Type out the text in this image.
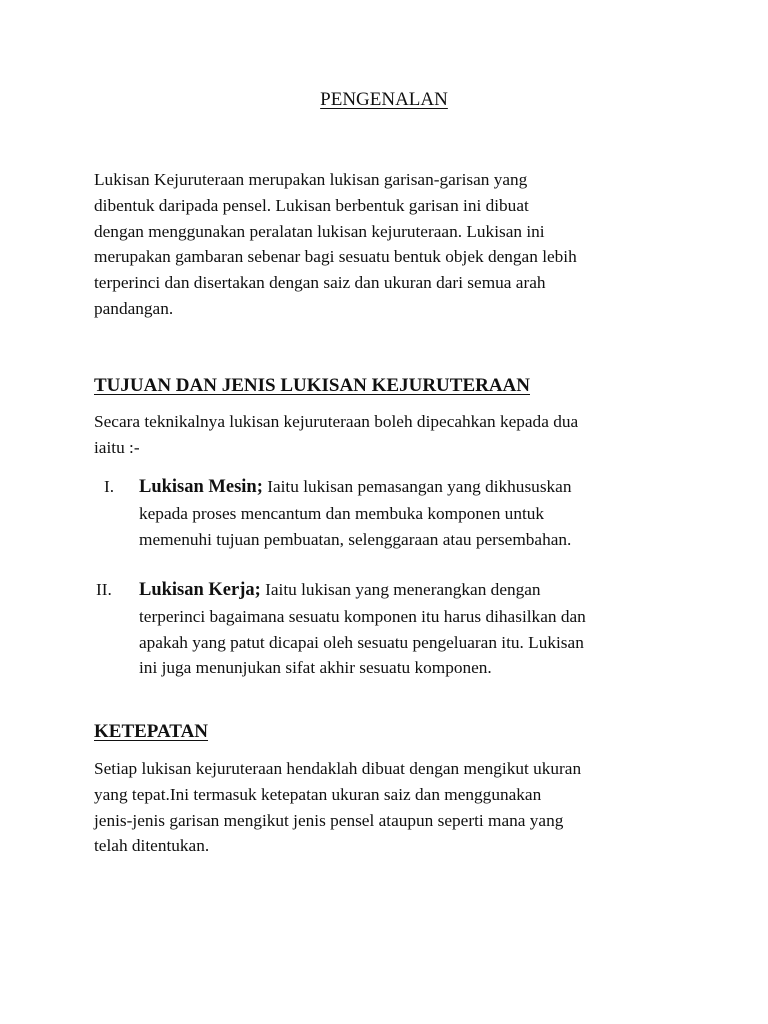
PENGENALAN
Lukisan Kejuruteraan merupakan lukisan garisan-garisan yang
dibentuk daripada pensel. Lukisan berbentuk garisan ini dibuat
dengan menggunakan peralatan lukisan kejuruteraan. Lukisan ini
merupakan gambaran sebenar bagi sesuatu bentuk objek dengan lebih
terperinci dan disertakan dengan saiz dan ukuran dari semua arah
pandangan.
TUJUAN DAN JENIS LUKISAN KEJURUTERAAN
Secara teknikalnya lukisan kejuruteraan boleh dipecahkan kepada dua
iaitu :-
I.	Lukisan Mesin; Iaitu lukisan pemasangan yang dikhususkan
kepada proses mencantum dan membuka komponen untuk
memenuhi tujuan pembuatan, selenggaraan atau persembahan.
II.	Lukisan Kerja; Iaitu lukisan yang menerangkan dengan
terperinci bagaimana sesuatu komponen itu harus dihasilkan dan
apakah yang patut dicapai oleh sesuatu pengeluaran itu. Lukisan
ini juga menunjukan sifat akhir sesuatu komponen.
KETEPATAN
Setiap lukisan kejuruteraan hendaklah dibuat dengan mengikut ukuran
yang tepat.Ini termasuk ketepatan ukuran saiz dan menggunakan
jenis-jenis garisan mengikut jenis pensel ataupun seperti mana yang
telah ditentukan.
